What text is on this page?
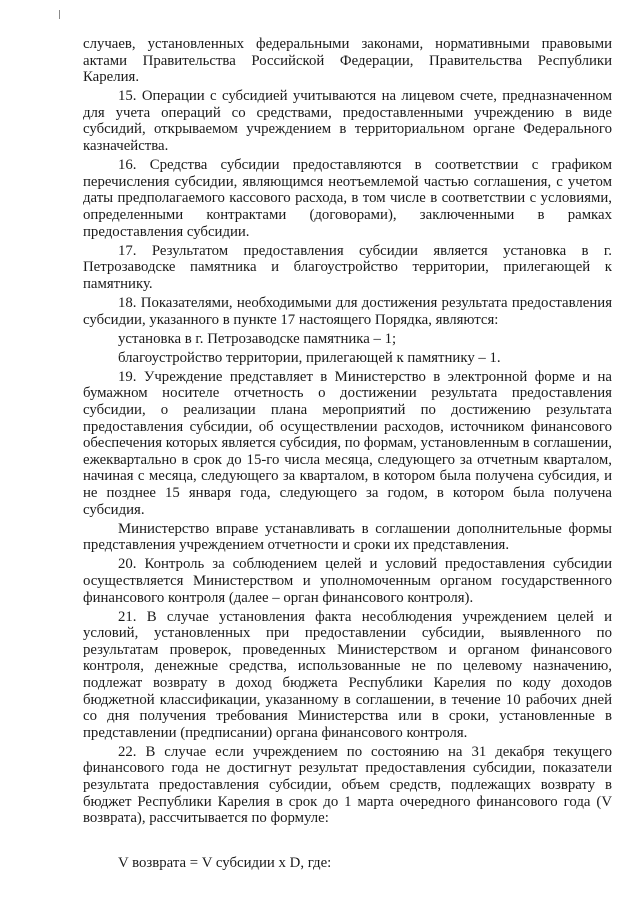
случаев, установленных федеральными законами, нормативными правовыми актами Правительства Российской Федерации, Правительства Республики Карелия.

15. Операции с субсидией учитываются на лицевом счете, предназначенном для учета операций со средствами, предоставленными учреждению в виде субсидий, открываемом учреждением в территориальном органе Федерального казначейства.

16. Средства субсидии предоставляются в соответствии с графиком перечисления субсидии, являющимся неотъемлемой частью соглашения, с учетом даты предполагаемого кассового расхода, в том числе в соответствии с условиями, определенными контрактами (договорами), заключенными в рамках предоставления субсидии.

17. Результатом предоставления субсидии является установка в г. Петрозаводске памятника и благоустройство территории, прилегающей к памятнику.

18. Показателями, необходимыми для достижения результата предоставления субсидии, указанного в пункте 17 настоящего Порядка, являются:

установка в г. Петрозаводске памятника – 1;

благоустройство территории, прилегающей к памятнику – 1.

19. Учреждение представляет в Министерство в электронной форме и на бумажном носителе отчетность о достижении результата предоставления субсидии, о реализации плана мероприятий по достижению результата предоставления субсидии, об осуществлении расходов, источником финансового обеспечения которых является субсидия, по формам, установленным в соглашении, ежеквартально в срок до 15-го числа месяца, следующего за отчетным кварталом, начиная с месяца, следующего за кварталом, в котором была получена субсидия, и не позднее 15 января года, следующего за годом, в котором была получена субсидия.

Министерство вправе устанавливать в соглашении дополнительные формы представления учреждением отчетности и сроки их представления.

20. Контроль за соблюдением целей и условий предоставления субсидии осуществляется Министерством и уполномоченным органом государственного финансового контроля (далее – орган финансового контроля).

21. В случае установления факта несоблюдения учреждением целей и условий, установленных при предоставлении субсидии, выявленного по результатам проверок, проведенных Министерством и органом финансового контроля, денежные средства, использованные не по целевому назначению, подлежат возврату в доход бюджета Республики Карелия по коду доходов бюджетной классификации, указанному в соглашении, в течение 10 рабочих дней со дня получения требования Министерства или в сроки, установленные в представлении (предписании) органа финансового контроля.

22. В случае если учреждением по состоянию на 31 декабря текущего финансового года не достигнут результат предоставления субсидии, показатели результата предоставления субсидии, объем средств, подлежащих возврату в бюджет Республики Карелия в срок до 1 марта очередного финансового года (V возврата), рассчитывается по формуле:

V возврата = V субсидии x D, где:
